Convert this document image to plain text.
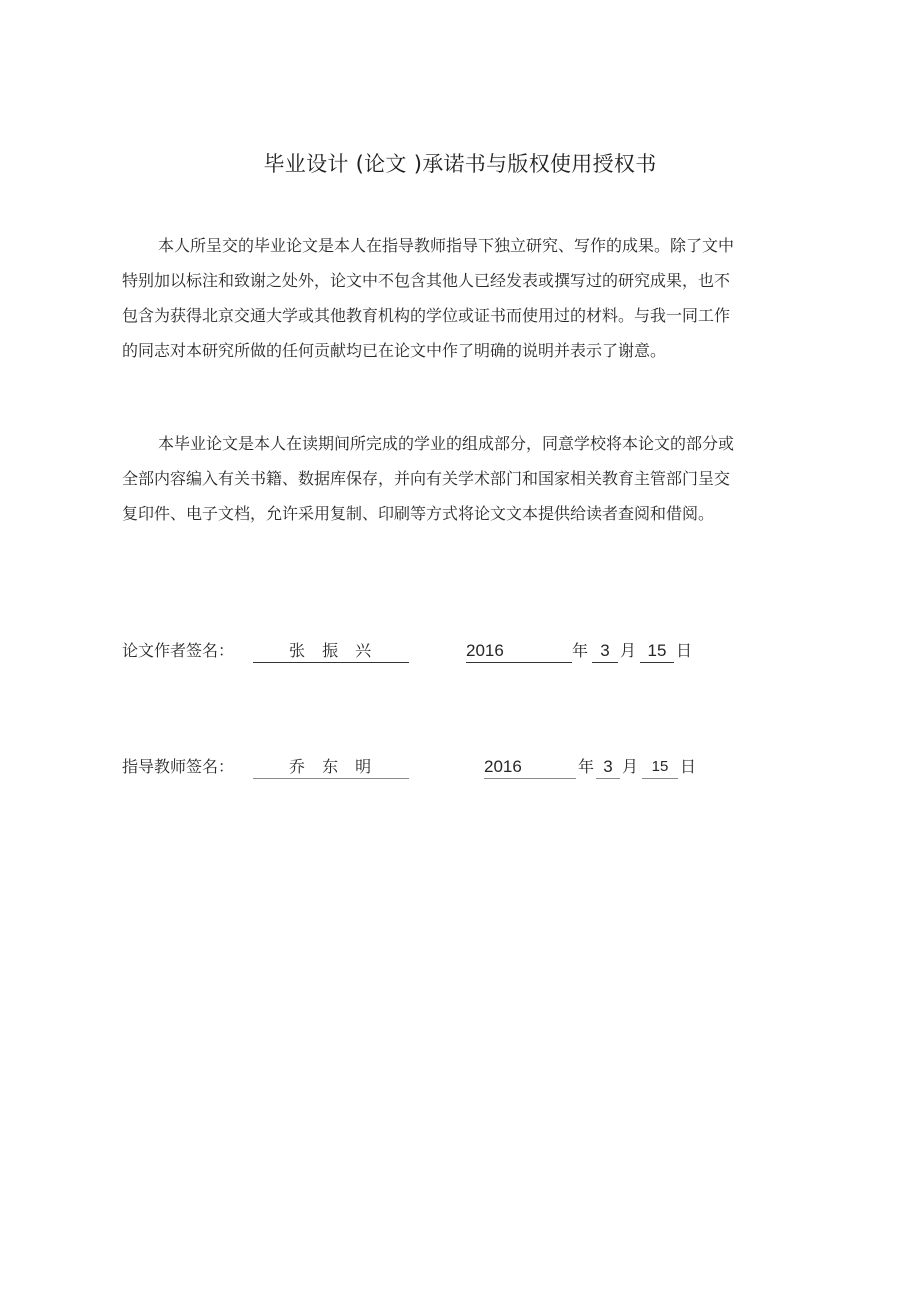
毕业设计 (论文 )承诺书与版权使用授权书
本人所呈交的毕业论文是本人在指导教师指导下独立研究、写作的成果。除了文中
特别加以标注和致谢之处外，论文中不包含其他人已经发表或撰写过的研究成果，也不
包含为获得北京交通大学或其他教育机构的学位或证书而使用过的材料。与我一同工作
的同志对本研究所做的任何贡献均已在论文中作了明确的说明并表示了谢意。
本毕业论文是本人在读期间所完成的学业的组成部分，同意学校将本论文的部分或
全部内容编入有关书籍、数据库保存，并向有关学术部门和国家相关教育主管部门呈交
复印件、电子文档，允许采用复制、印刷等方式将论文文本提供给读者查阅和借阅。
论文作者签名：	张 振 兴	2016	年 3 月 15 日
指导教师签名：	乔 东 明	2016	年 3 月 15 日
